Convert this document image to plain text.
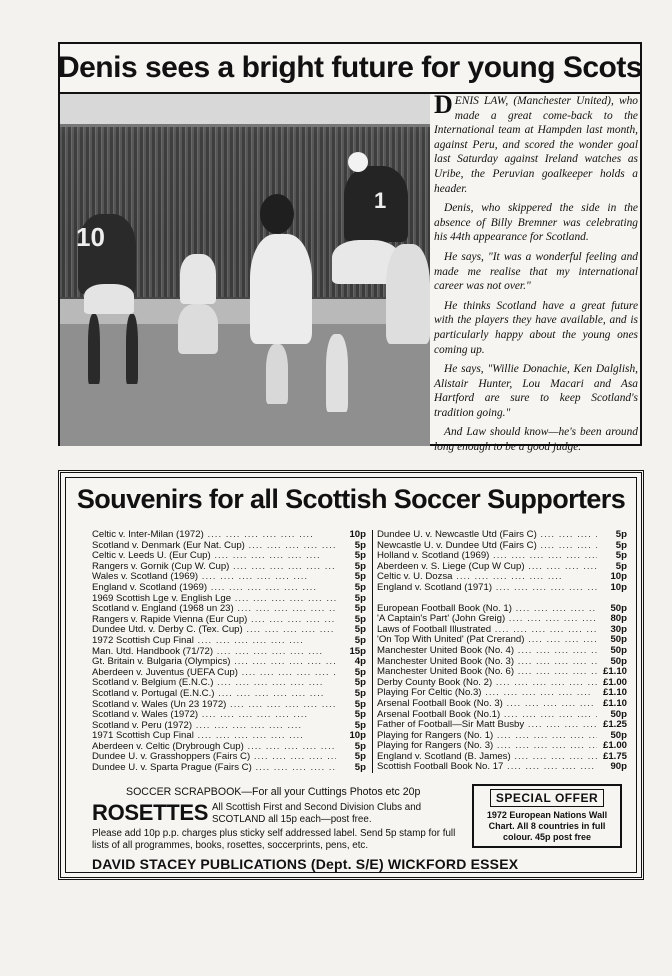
Denis sees a bright future for young Scots
10
1

DENIS LAW, (Manchester United), who made a great come-back to the International team at Hampden last month, against Peru, and scored the wonder goal last Saturday against Ireland watches as Uribe, the Peruvian goalkeeper holds a header.

Denis, who skippered the side in the absence of Billy Bremner was celebrating his 44th appearance for Scotland.

He says, "It was a wonderful feeling and made me realise that my international career was not over."

He thinks Scotland have a great future with the players they have available, and is particularly happy about the young ones coming up.

He says, "Willie Donachie, Ken Dalglish, Alistair Hunter, Lou Macari and Asa Hartford are sure to keep Scotland's tradition going."

And Law should know—he's been around long enough to be a good judge.

Souvenirs for all Scottish Soccer Supporters
Celtic v. Inter-Milan (1972) ....	10p
Scotland v. Denmark (Eur Nat. Cup) ....	5p
Celtic v. Leeds U. (Eur Cup) ....	5p
Rangers v. Gornik (Cup W. Cup) ....	5p
Wales v. Scotland (1969) ....	5p
England v. Scotland (1969) ....	5p
1969 Scottish Lge v. English Lge ....	5p
Scotland v. England (1968 un 23) ....	5p
Rangers v. Rapide Vienna (Eur Cup) ....	5p
Dundee Utd. v. Derby C. (Tex. Cup) ....	5p
1972 Scottish Cup Final ....	5p
Man. Utd. Handbook (71/72) ....	15p
Gt. Britain v. Bulgaria (Olympics) ....	4p
Aberdeen v. Juventus (UEFA Cup) ....	5p
Scotland v. Belgium (E.N.C.) ....	5p
Scotland v. Portugal (E.N.C.) ....	5p
Scotland v. Wales (Un 23 1972) ....	5p
Scotland v. Wales (1972) ....	5p
Scotland v. Peru (1972) ....	5p
1971 Scottish Cup Final ....	10p
Aberdeen v. Celtic (Drybrough Cup) ....	5p
Dundee U. v. Grasshoppers (Fairs C) ....	5p
Dundee U. v. Sparta Prague (Fairs C) ....	5p
Dundee U. v. Newcastle Utd (Fairs C) ....	5p
Newcastle U. v. Dundee Utd (Fairs C) ....	5p
Holland v. Scotland (1969) ....	5p
Aberdeen v. S. Liege (Cup W Cup) ....	5p
Celtic v. U. Dozsa ....	10p
England v. Scotland (1971) ....	10p
European Football Book (No. 1) ....	50p
'A Captain's Part' (John Greig) ....	80p
Laws of Football Illustrated ....	30p
'On Top With United' (Pat Crerand) ....	50p
Manchester United Book (No. 4) ....	50p
Manchester United Book (No. 3) ....	50p
Manchester United Book (No. 6) ....	£1.10
Derby County Book (No. 2) ....	£1.00
Playing For Celtic (No.3) ....	£1.10
Arsenal Football Book (No. 3) ....	£1.10
Arsenal Football Book (No.1) ....	50p
Father of Football—Sir Matt Busby ....	£1.25
Playing for Rangers (No. 1) ....	50p
Playing for Rangers (No. 3) ....	£1.00
England v. Scotland (B. James) ....	£1.75
Scottish Football Book No. 17 ....	90p
SOCCER SCRAPBOOK—For all your Cuttings Photos etc 20p
ROSETTES All Scottish First and Second Division Clubs and SCOTLAND all 15p each—post free.
Please add 10p p.p. charges plus sticky self addressed label. Send 5p stamp for full lists of all programmes, books, rosettes, soccerprints, pens, etc.
DAVID STACEY PUBLICATIONS (Dept. S/E) WICKFORD ESSEX
SPECIAL OFFER
1972 European Nations Wall Chart. All 8 countries in full colour. 45p post free
